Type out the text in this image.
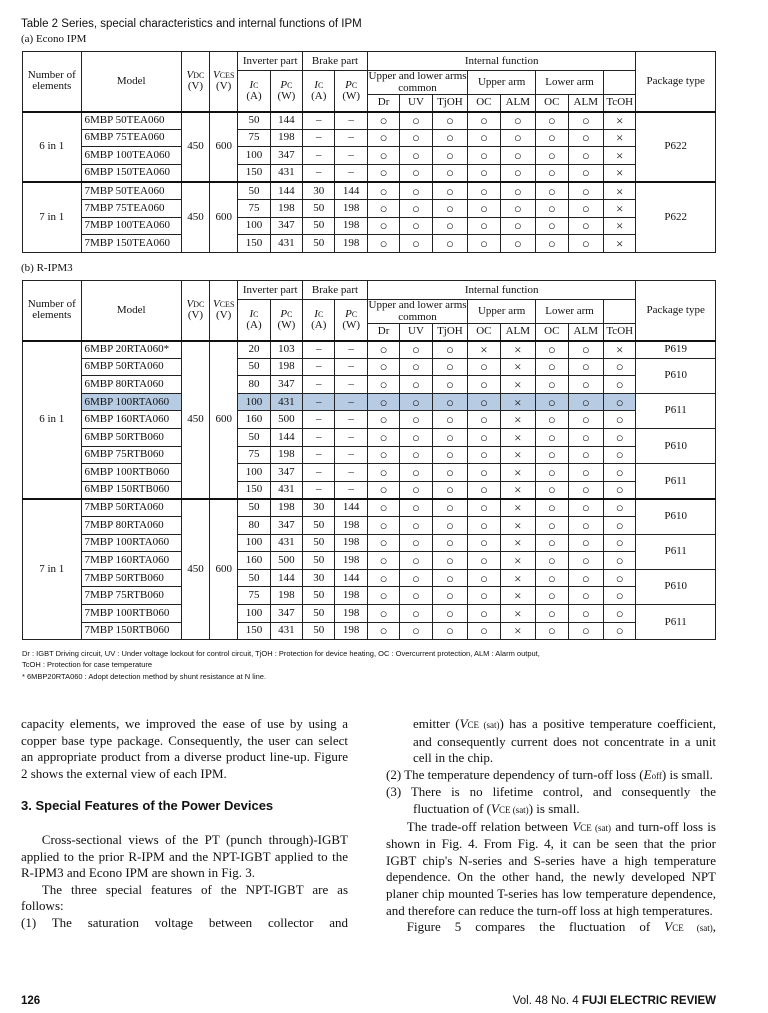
Table 2 Series, special characteristics and internal functions of IPM
(a) Econo IPM
Number of elements	Model	VDC
(V)	VCES
(V)	Inverter part		Brake part		Internal function								Package type
				IC
(A)	PC
(W)	IC
(A)	PC
(W)	Upper and lower arms common			Upper arm		Lower arm			
								Dr	UV	TjOH	OC	ALM	OC	ALM	TcOH	
6 in 1	6MBP 50TEA060	450	600	50	144	–	–	○	○	○	○	○	○	○	×	P622
	6MBP 75TEA060			75	198	–	–	○	○	○	○	○	○	○	×	
	6MBP 100TEA060			100	347	–	–	○	○	○	○	○	○	○	×	
	6MBP 150TEA060			150	431	–	–	○	○	○	○	○	○	○	×	
7 in 1	7MBP 50TEA060	450	600	50	144	30	144	○	○	○	○	○	○	○	×	P622
	7MBP 75TEA060			75	198	50	198	○	○	○	○	○	○	○	×	
	7MBP 100TEA060			100	347	50	198	○	○	○	○	○	○	○	×	
	7MBP 150TEA060			150	431	50	198	○	○	○	○	○	○	○	×	
(b) R-IPM3
Number of elements	Model	VDC
(V)	VCES
(V)	Inverter part		Brake part		Internal function								Package type
				IC
(A)	PC
(W)	IC
(A)	PC
(W)	Upper and lower arms common			Upper arm		Lower arm			
								Dr	UV	TjOH	OC	ALM	OC	ALM	TcOH	
6 in 1	6MBP 20RTA060*	450	600	20	103	–	–	○	○	○	×	×	○	○	×	P619
	6MBP 50RTA060			50	198	–	–	○	○	○	○	×	○	○	○	P610
	6MBP 80RTA060			80	347	–	–	○	○	○	○	×	○	○	○	
	6MBP 100RTA060			100	431	–	–	○	○	○	○	×	○	○	○	P611
	6MBP 160RTA060			160	500	–	–	○	○	○	○	×	○	○	○	
	6MBP 50RTB060			50	144	–	–	○	○	○	○	×	○	○	○	P610
	6MBP 75RTB060			75	198	–	–	○	○	○	○	×	○	○	○	
	6MBP 100RTB060			100	347	–	–	○	○	○	○	×	○	○	○	P611
	6MBP 150RTB060			150	431	–	–	○	○	○	○	×	○	○	○	
7 in 1	7MBP 50RTA060	450	600	50	198	30	144	○	○	○	○	×	○	○	○	P610
	7MBP 80RTA060			80	347	50	198	○	○	○	○	×	○	○	○	
	7MBP 100RTA060			100	431	50	198	○	○	○	○	×	○	○	○	P611
	7MBP 160RTA060			160	500	50	198	○	○	○	○	×	○	○	○	
	7MBP 50RTB060			50	144	30	144	○	○	○	○	×	○	○	○	P610
	7MBP 75RTB060			75	198	50	198	○	○	○	○	×	○	○	○	
	7MBP 100RTB060			100	347	50	198	○	○	○	○	×	○	○	○	P611
	7MBP 150RTB060			150	431	50	198	○	○	○	○	×	○	○	○	
Dr : IGBT Driving circuit, UV : Under voltage lockout for control circuit, TjOH : Protection for device heating, OC : Overcurrent protection, ALM : Alarm output,
TcOH : Protection for case temperature
* 6MBP20RTA060 : Adopt detection method by shunt resistance at N line.
capacity elements, we improved the ease of use by using a copper base type package. Consequently, the user can select an appropriate product from a diverse product line-up. Figure 2 shows the external view of each IPM.
3. Special Features of the Power Devices
Cross-sectional views of the PT (punch through)-IGBT applied to the prior R-IPM and the NPT-IGBT applied to the R-IPM3 and Econo IPM are shown in Fig. 3.
The three special features of the NPT-IGBT are as follows:
(1) The saturation voltage between collector and
emitter (VCE (sat)) has a positive temperature coefficient, and consequently current does not concentrate in a unit cell in the chip.
(2) The temperature dependency of turn-off loss (Eoff) is small.
(3) There is no lifetime control, and consequently the fluctuation of (VCE (sat)) is small.
The trade-off relation between VCE (sat) and turn-off loss is shown in Fig. 4. From Fig. 4, it can be seen that the prior IGBT chip's N-series and S-series have a high temperature dependence. On the other hand, the newly developed NPT planer chip mounted T-series has low temperature dependence, and therefore can reduce the turn-off loss at high temperatures.
Figure 5 compares the fluctuation of VCE (sat),
126	Vol. 48 No. 4 FUJI ELECTRIC REVIEW
